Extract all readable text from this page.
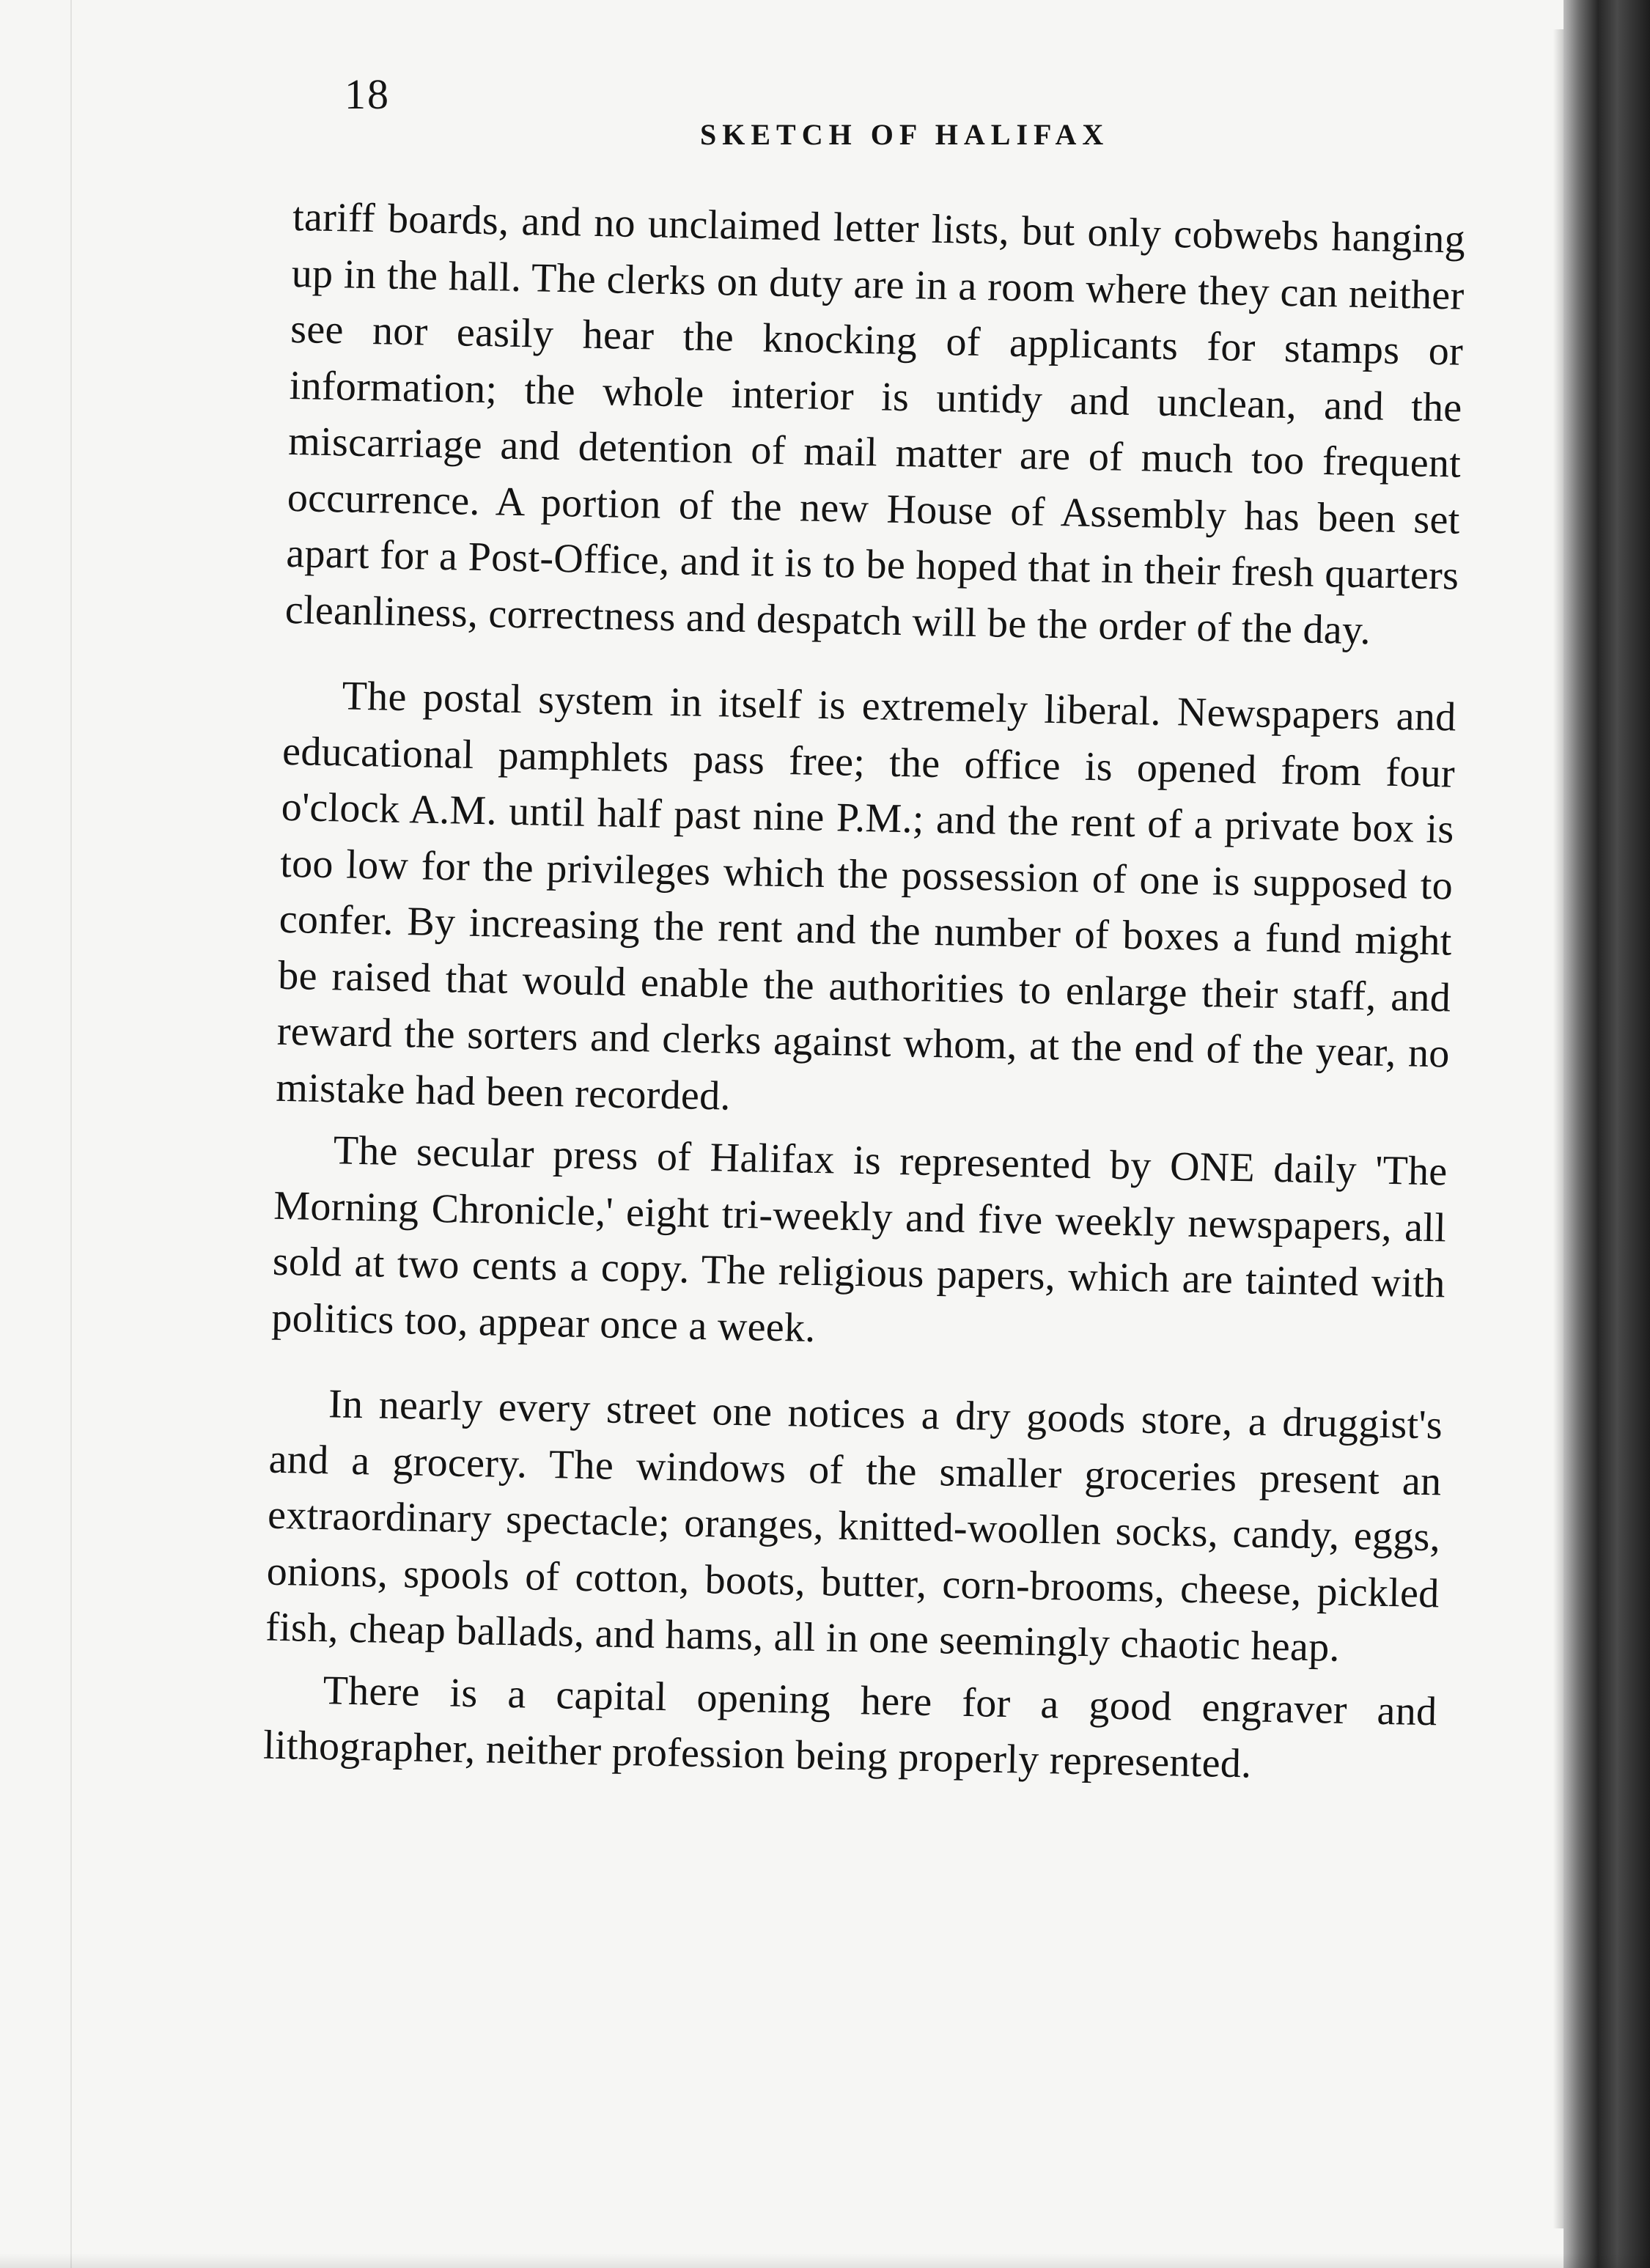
18
SKETCH OF HALIFAX

tariff boards, and no unclaimed letter lists, but only cobwebs hanging up in the hall. The clerks on duty are in a room where they can neither see nor easily hear the knocking of applicants for stamps or information; the whole interior is untidy and unclean, and the miscarriage and detention of mail matter are of much too frequent occurrence. A portion of the new House of Assembly has been set apart for a Post-Office, and it is to be hoped that in their fresh quarters cleanliness, correctness and despatch will be the order of the day.

The postal system in itself is extremely liberal. Newspapers and educational pamphlets pass free; the office is opened from four o'clock A.M. until half past nine P.M.; and the rent of a private box is too low for the privileges which the possession of one is supposed to confer. By increasing the rent and the number of boxes a fund might be raised that would enable the authorities to enlarge their staff, and reward the sorters and clerks against whom, at the end of the year, no mistake had been recorded.

The secular press of Halifax is represented by ONE daily 'The Morning Chronicle,' eight tri-weekly and five weekly newspapers, all sold at two cents a copy. The religious papers, which are tainted with politics too, appear once a week.

In nearly every street one notices a dry goods store, a druggist's and a grocery. The windows of the smaller groceries present an extraordinary spectacle; oranges, knitted-woollen socks, candy, eggs, onions, spools of cotton, boots, butter, corn-brooms, cheese, pickled fish, cheap ballads, and hams, all in one seemingly chaotic heap.

There is a capital opening here for a good engraver and lithographer, neither profession being properly represented.
